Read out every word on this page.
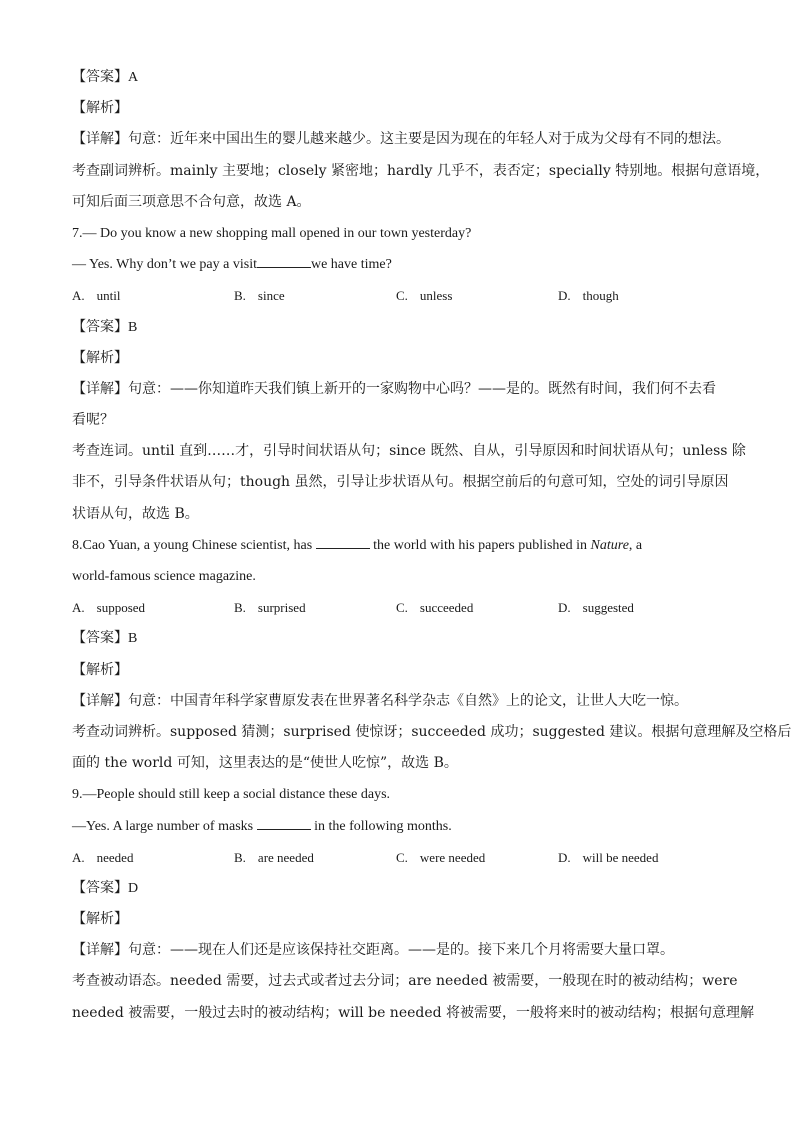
【答案】A
【解析】
【详解】句意：近年来中国出生的婴儿越来越少。这主要是因为现在的年轻人对于成为父母有不同的想法。
考查副词辨析。mainly 主要地；closely 紧密地；hardly 几乎不，表否定；specially 特别地。根据句意语境，
可知后面三项意思不合句意，故选 A。
7.— Do you know a new shopping mall opened in our town yesterday?
— Yes. Why don’t we pay a visit	we have time?
A. until	B. since	C. unless	D. though
【答案】B
【解析】
【详解】句意：——你知道昨天我们镇上新开的一家购物中心吗？——是的。既然有时间，我们何不去看
看呢？
考查连词。until 直到……才，引导时间状语从句；since 既然、自从，引导原因和时间状语从句；unless 除
非不，引导条件状语从句；though 虽然，引导让步状语从句。根据空前后的句意可知，空处的词引导原因
状语从句，故选 B。
8.Cao Yuan, a young Chinese scientist, has	the world with his papers published in Nature, a
world-famous science magazine.
A. supposed	B. surprised	C. succeeded	D. suggested
【答案】B
【解析】
【详解】句意：中国青年科学家曹原发表在世界著名科学杂志《自然》上的论文，让世人大吃一惊。
考查动词辨析。supposed 猜测；surprised 使惊讶；succeeded 成功；suggested 建议。根据句意理解及空格后
面的 the world 可知，这里表达的是“使世人吃惊”，故选 B。
9.—People should still keep a social distance these days.
—Yes. A large number of masks	in the following months.
A. needed	B. are needed	C. were needed	D. will be needed
【答案】D
【解析】
【详解】句意：——现在人们还是应该保持社交距离。——是的。接下来几个月将需要大量口罩。
考查被动语态。needed 需要，过去式或者过去分词；are needed 被需要，一般现在时的被动结构；were
needed 被需要，一般过去时的被动结构；will be needed 将被需要，一般将来时的被动结构；根据句意理解
